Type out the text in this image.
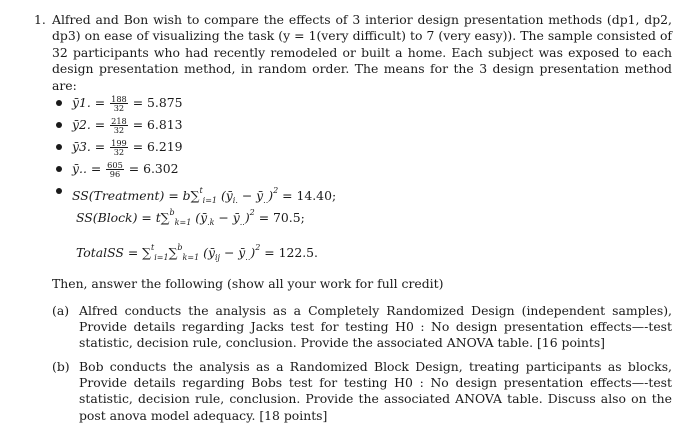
1. Alfred and Bon wish to compare the effects of 3 interior design presentation methods (dp1, dp2, dp3) on ease of visualizing the task (y = 1(very difficult) to 7 (very easy)). The sample consisted of 32 participants who had recently remodeled or built a home. Each subject was exposed to each design presentation method, in random order. The means for the 3 design presentation method are:
ȳ1. = $\frac{188}{32} = 5.875$
ȳ2. = $\frac{218}{32} = 6.813$
ȳ3. = $\frac{199}{32} = 6.219$
ȳ.. = $\frac{605}{96} = 6.302$
SS(Treatment) = b∑$^t_{i=1}$ ($ȳ_{i.}$ − $ȳ_{..})^2 = 14.40$;
SS(Block) = t∑$^b_{k=1}$ ($ȳ_{.k}$ − $ȳ_{..})^2 = 70.5$;
TotalSS = ∑$^t_{i=1}$∑$^b_{k=1}$ ($ȳ_{ij}$ − $ȳ_{..})^2 = 122.5$.
Then, answer the following (show all your work for full credit)
(a) Alfred conducts the analysis as a Completely Randomized Design (independent samples), Provide details regarding Jacks test for testing H0 : No design presentation effects—-test statistic, decision rule, conclusion. Provide the associated ANOVA table. [16 points]
(b) Bob conducts the analysis as a Randomized Block Design, treating participants as blocks, Provide details regarding Bobs test for testing H0 : No design presentation effects—-test statistic, decision rule, conclusion. Provide the associated ANOVA table. Discuss also on the post anova model adequacy. [18 points]
